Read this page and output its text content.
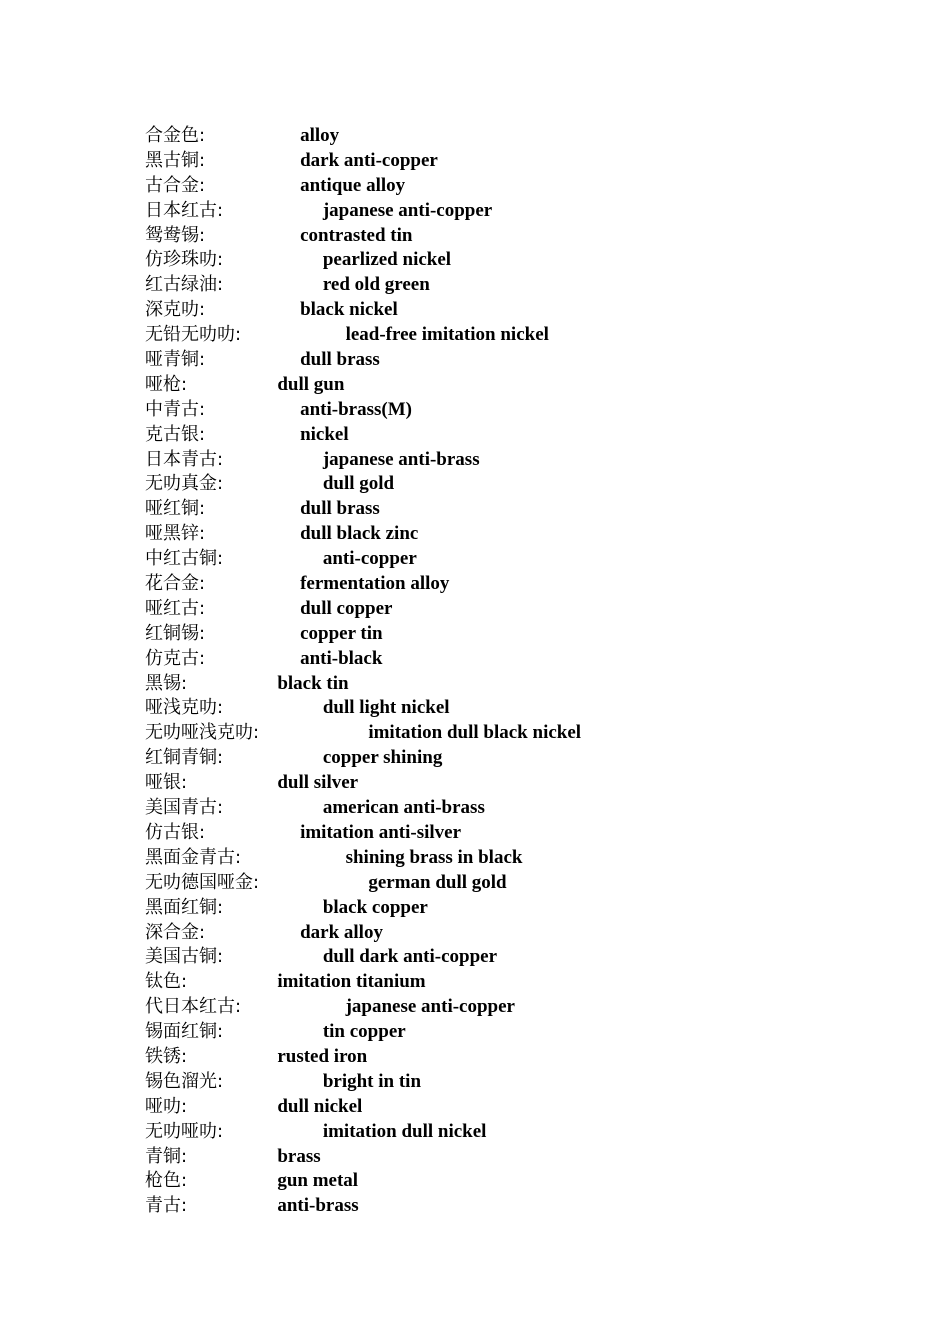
合金色:	alloy
黑古铜:	dark anti-copper
古合金:	antique alloy
日本红古:	japanese anti-copper
鸳鸯锡:	contrasted tin
仿珍珠叻:	pearlized nickel
红古绿油:	red old green
深克叻:	black nickel
无铅无叻叻:	lead-free imitation nickel
哑青铜:	dull brass
哑枪:	dull gun
中青古:	anti-brass(M)
克古银:	nickel
日本青古:	japanese anti-brass
无叻真金:	dull gold
哑红铜:	dull brass
哑黑锌:	dull black zinc
中红古铜:	anti-copper
花合金:	fermentation alloy
哑红古:	dull copper
红铜锡:	copper tin
仿克古:	anti-black
黑锡:	black tin
哑浅克叻:	dull light nickel
无叻哑浅克叻:	imitation dull black nickel
红铜青铜:	copper shining
哑银:	dull silver
美国青古:	american anti-brass
仿古银:	imitation anti-silver
黑面金青古:	shining brass in black
无叻德国哑金:	german dull gold
黑面红铜:	black copper
深合金:	dark alloy
美国古铜:	dull dark anti-copper
钛色:	imitation titanium
代日本红古:	japanese anti-copper
锡面红铜:	tin copper
铁锈:	rusted iron
锡色溜光:	bright in tin
哑叻:	dull nickel
无叻哑叻:	imitation dull nickel
青铜:	brass
枪色:	gun metal
青古:	anti-brass
